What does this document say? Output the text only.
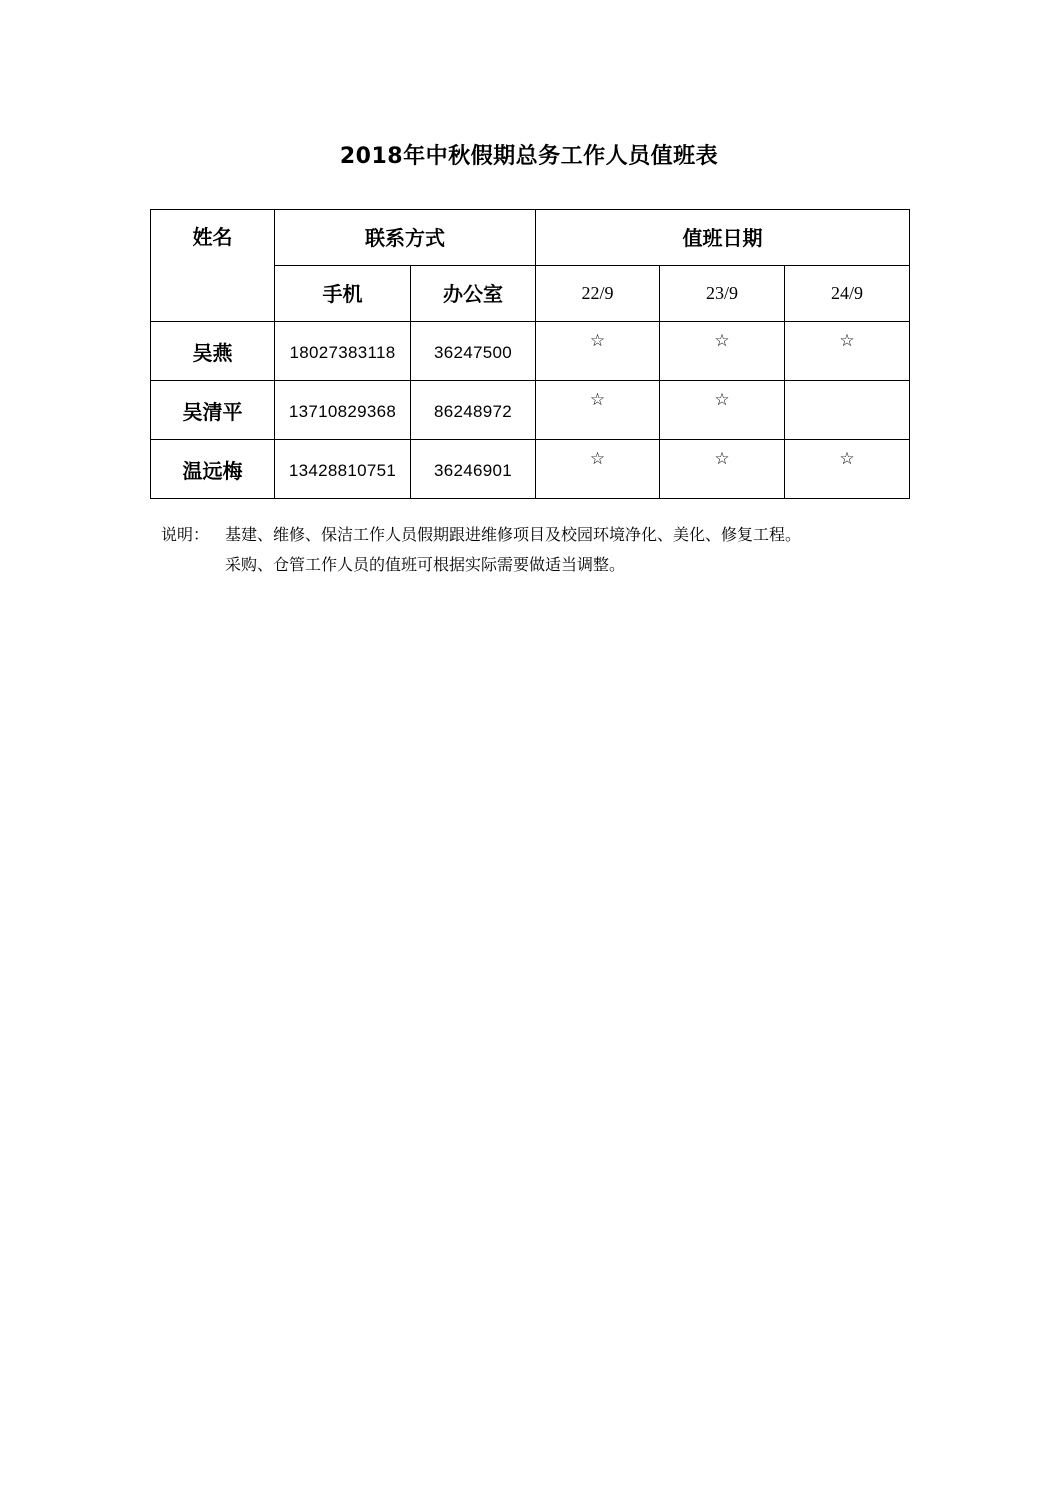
2018年中秋假期总务工作人员值班表
姓名	联系方式		值班日期		
	手机	办公室	22/9	23/9	24/9
吴燕	18027383118	36247500	☆	☆	☆
吴清平	13710829368	86248972	☆	☆	
温远梅	13428810751	36246901	☆	☆	☆
说明： 基建、维修、保洁工作人员假期跟进维修项目及校园环境净化、美化、修复工程。
采购、仓管工作人员的值班可根据实际需要做适当调整。
